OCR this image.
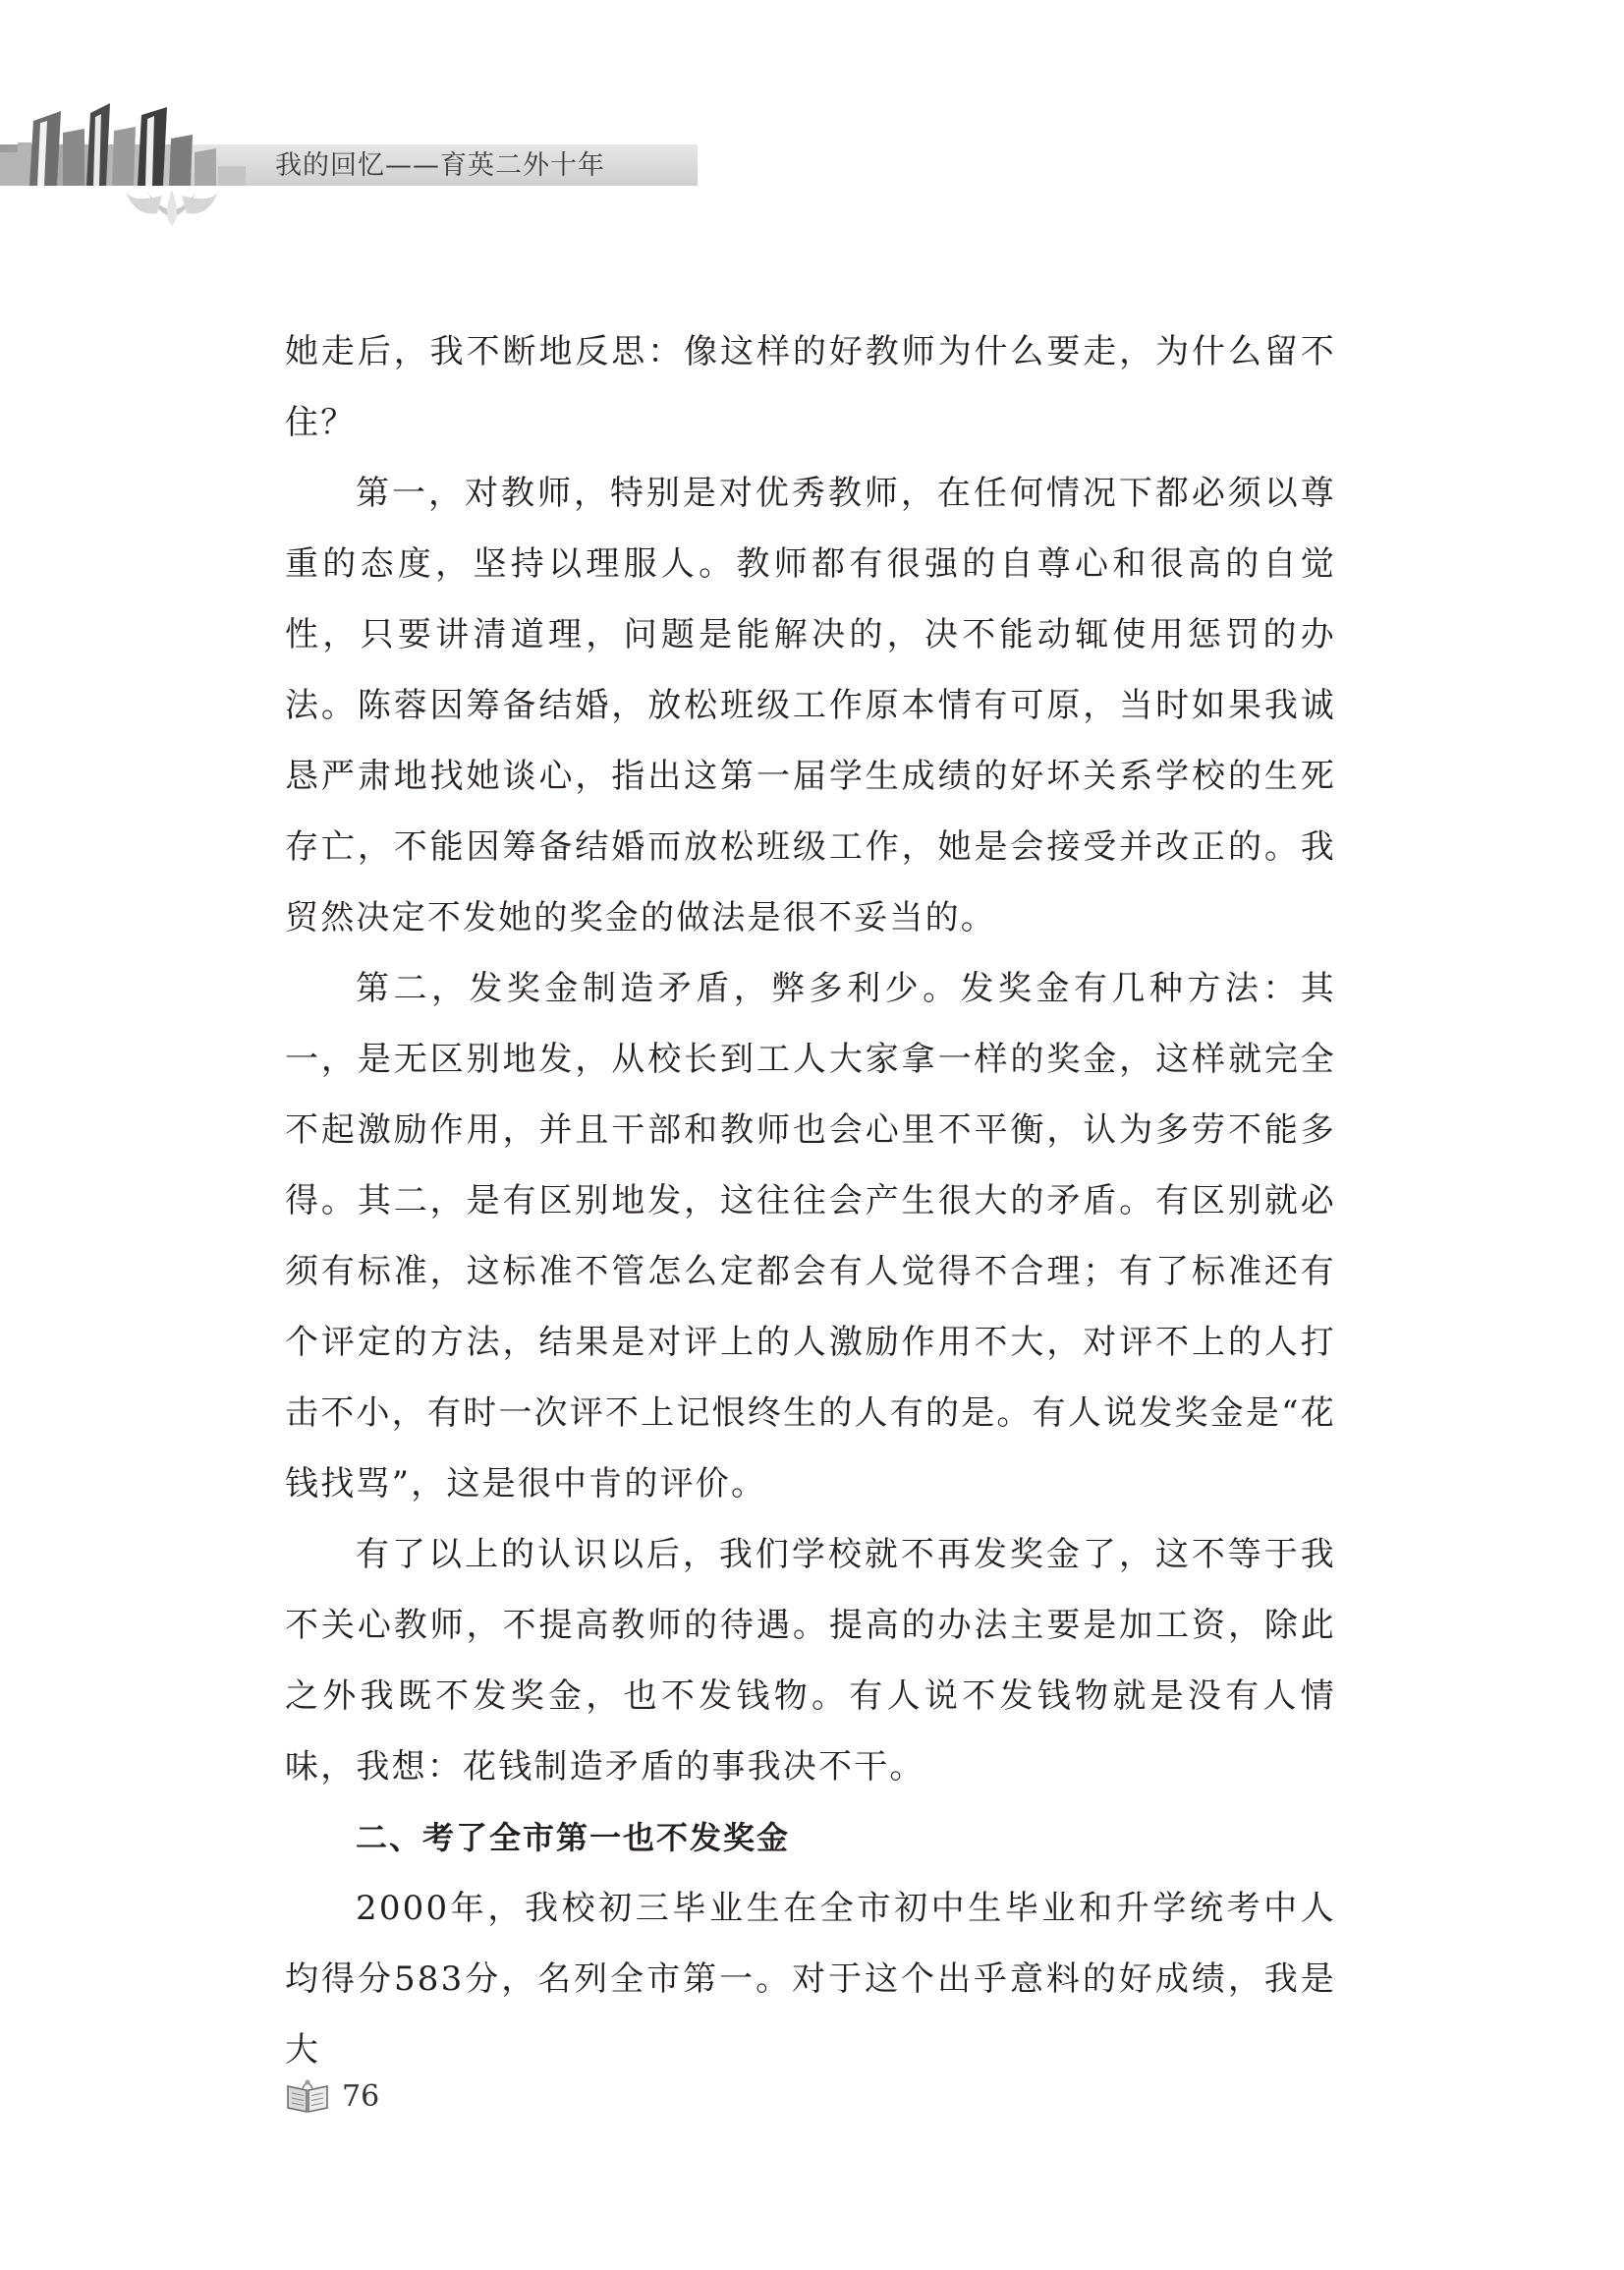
我的回忆——育英二外十年

她走后，我不断地反思：像这样的好教师为什么要走，为什么留不住？

第一，对教师，特别是对优秀教师，在任何情况下都必须以尊重的态度，坚持以理服人。教师都有很强的自尊心和很高的自觉性，只要讲清道理，问题是能解决的，决不能动辄使用惩罚的办法。陈蓉因筹备结婚，放松班级工作原本情有可原，当时如果我诚恳严肃地找她谈心，指出这第一届学生成绩的好坏关系学校的生死存亡，不能因筹备结婚而放松班级工作，她是会接受并改正的。我贸然决定不发她的奖金的做法是很不妥当的。

第二，发奖金制造矛盾，弊多利少。发奖金有几种方法：其一，是无区别地发，从校长到工人大家拿一样的奖金，这样就完全不起激励作用，并且干部和教师也会心里不平衡，认为多劳不能多得。其二，是有区别地发，这往往会产生很大的矛盾。有区别就必须有标准，这标准不管怎么定都会有人觉得不合理；有了标准还有个评定的方法，结果是对评上的人激励作用不大，对评不上的人打击不小，有时一次评不上记恨终生的人有的是。有人说发奖金是“花钱找骂”，这是很中肯的评价。

有了以上的认识以后，我们学校就不再发奖金了，这不等于我不关心教师，不提高教师的待遇。提高的办法主要是加工资，除此之外我既不发奖金，也不发钱物。有人说不发钱物就是没有人情味，我想：花钱制造矛盾的事我决不干。

二、考了全市第一也不发奖金

2000年，我校初三毕业生在全市初中生毕业和升学统考中人均得分583分，名列全市第一。对于这个出乎意料的好成绩，我是大

76
